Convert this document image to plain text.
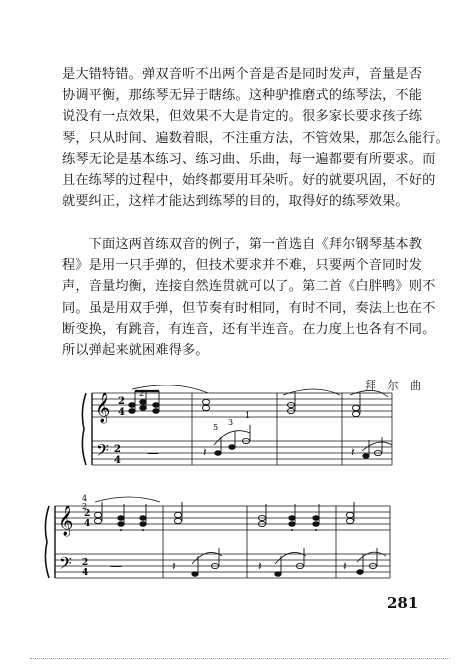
是大错特错。弹双音听不出两个音是否是同时发声，音量是否
协调平衡，那练琴无异于瞎练。这种驴推磨式的练琴法，不能
说没有一点效果，但效果不大是肯定的。很多家长要求孩子练
琴，只从时间、遍数着眼，不注重方法，不管效果，那怎么能行。
练琴无论是基本练习、练习曲、乐曲，每一遍都要有所要求。而
且在练琴的过程中，始终都要用耳朵听。好的就要巩固，不好的
就要纠正，这样才能达到练琴的目的，取得好的练琴效果。
　　下面这两首练双音的例子，第一首选自《拜尔钢琴基本教
程》是用一只手弹的，但技术要求并不难，只要两个音同时发
声，音量均衡，连接自然连贯就可以了。第二首《白胖鸭》则不
同。虽是用双手弹，但节奏有时相同，有时不同，奏法上也在不
断变换，有跳音，有连音，还有半连音。在力度上也各有不同。
所以弹起来就困难得多。
拜 尔 曲
𝄞
𝄢
2
4
2
4
—	𝄽	𝄽
5
3
1
2
𝄞
𝄢
2
4
2
4
4
2
—	𝄽	𝄽	𝄽
281
